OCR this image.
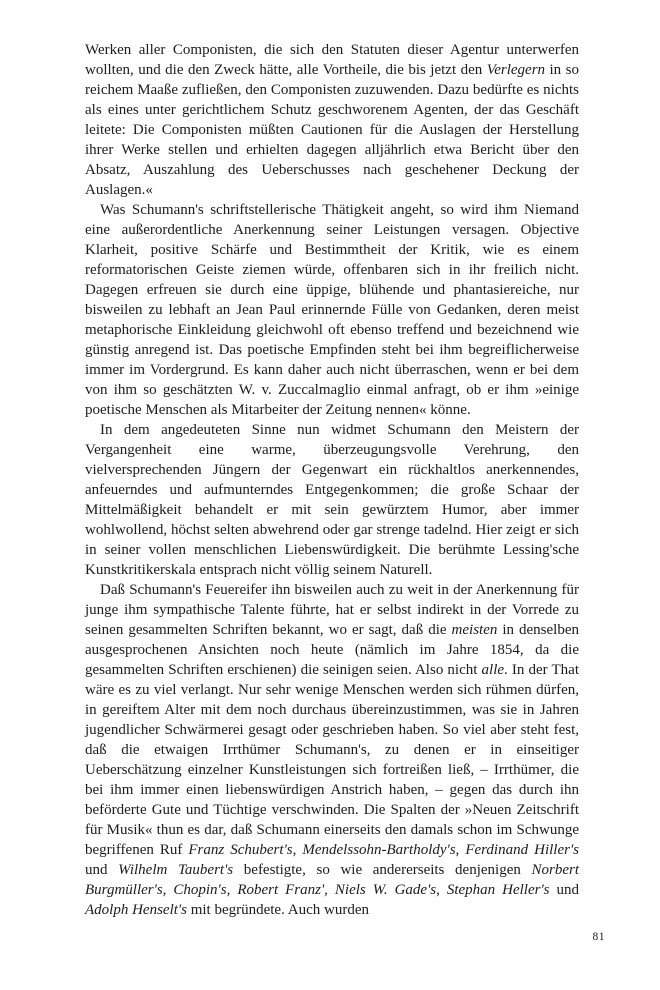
Werken aller Componisten, die sich den Statuten dieser Agentur unterwerfen wollten, und die den Zweck hätte, alle Vortheile, die bis jetzt den Verlegern in so reichem Maaße zufließen, den Componisten zuzuwenden. Dazu bedürfte es nichts als eines unter gerichtlichem Schutz geschworenem Agenten, der das Geschäft leitete: Die Componisten müßten Cautionen für die Auslagen der Herstellung ihrer Werke stellen und erhielten dagegen alljährlich etwa Bericht über den Absatz, Auszahlung des Ueberschusses nach geschehener Deckung der Auslagen.«

Was Schumann's schriftstellerische Thätigkeit angeht, so wird ihm Niemand eine außerordentliche Anerkennung seiner Leistungen versagen. Objective Klarheit, positive Schärfe und Bestimmtheit der Kritik, wie es einem reformatorischen Geiste ziemen würde, offenbaren sich in ihr freilich nicht. Dagegen erfreuen sie durch eine üppige, blühende und phantasiereiche, nur bisweilen zu lebhaft an Jean Paul erinnernde Fülle von Gedanken, deren meist metaphorische Einkleidung gleichwohl oft ebenso treffend und bezeichnend wie günstig anregend ist. Das poetische Empfinden steht bei ihm begreiflicherweise immer im Vordergrund. Es kann daher auch nicht überraschen, wenn er bei dem von ihm so geschätzten W. v. Zuccalmaglio einmal anfragt, ob er ihm »einige poetische Menschen als Mitarbeiter der Zeitung nennen« könne.

In dem angedeuteten Sinne nun widmet Schumann den Meistern der Vergangenheit eine warme, überzeugungsvolle Verehrung, den vielversprechenden Jüngern der Gegenwart ein rückhaltlos anerkennendes, anfeuerndes und aufmunterndes Entgegenkommen; die große Schaar der Mittelmäßigkeit behandelt er mit sein gewürztem Humor, aber immer wohlwollend, höchst selten abwehrend oder gar strenge tadelnd. Hier zeigt er sich in seiner vollen menschlichen Liebenswürdigkeit. Die berühmte Lessing'sche Kunstkritikerskala entsprach nicht völlig seinem Naturell.

Daß Schumann's Feuereifer ihn bisweilen auch zu weit in der Anerkennung für junge ihm sympathische Talente führte, hat er selbst indirekt in der Vorrede zu seinen gesammelten Schriften bekannt, wo er sagt, daß die meisten in denselben ausgesprochenen Ansichten noch heute (nämlich im Jahre 1854, da die gesammelten Schriften erschienen) die seinigen seien. Also nicht alle. In der That wäre es zu viel verlangt. Nur sehr wenige Menschen werden sich rühmen dürfen, in gereiftem Alter mit dem noch durchaus übereinzustimmen, was sie in Jahren jugendlicher Schwärmerei gesagt oder geschrieben haben. So viel aber steht fest, daß die etwaigen Irrthümer Schumann's, zu denen er in einseitiger Ueberschätzung einzelner Kunstleistungen sich fortreißen ließ, – Irrthümer, die bei ihm immer einen liebenswürdigen Anstrich haben, – gegen das durch ihn beförderte Gute und Tüchtige verschwinden. Die Spalten der »Neuen Zeitschrift für Musik« thun es dar, daß Schumann einerseits den damals schon im Schwunge begriffenen Ruf Franz Schubert's, Mendelssohn-Bartholdy's, Ferdinand Hiller's und Wilhelm Taubert's befestigte, so wie andererseits denjenigen Norbert Burgmüller's, Chopin's, Robert Franz', Niels W. Gade's, Stephan Heller's und Adolph Henselt's mit begründete. Auch wurden

81
